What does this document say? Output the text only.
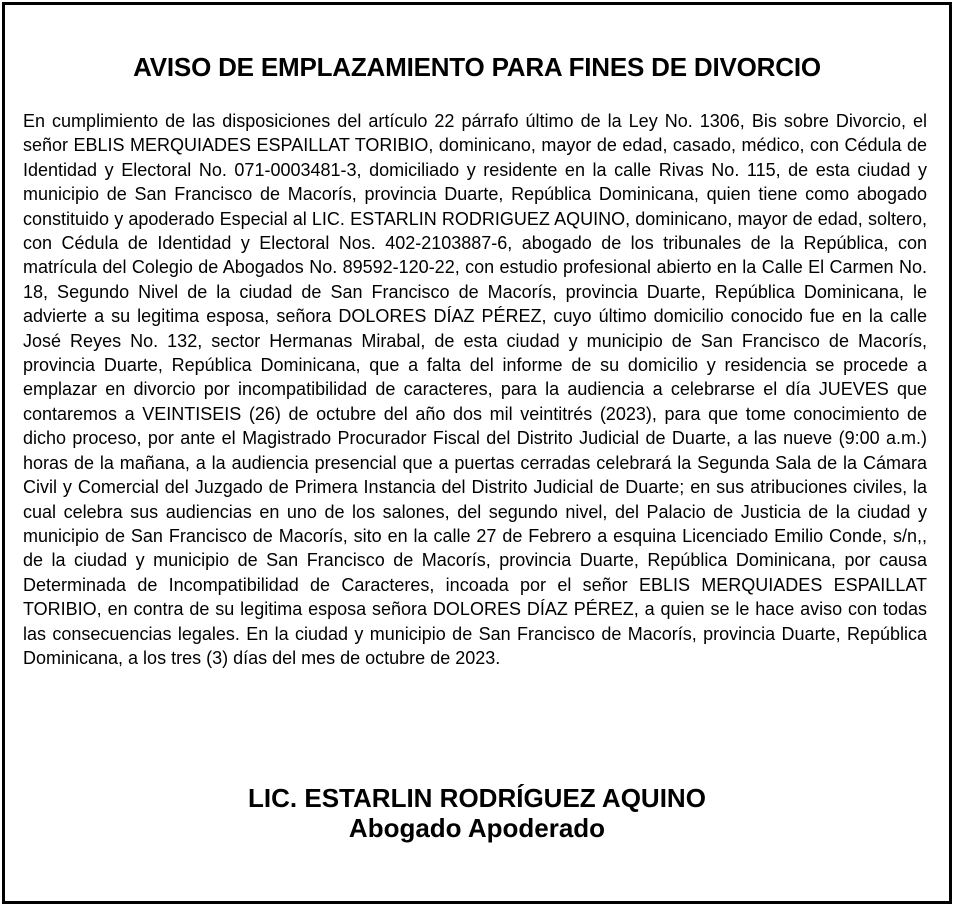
AVISO DE EMPLAZAMIENTO PARA FINES DE DIVORCIO

En cumplimiento de las disposiciones del artículo 22 párrafo último de la Ley No. 1306, Bis sobre Divorcio, el señor EBLIS MERQUIADES ESPAILLAT TORIBIO, dominicano, mayor de edad, casado, médico, con Cédula de Identidad y Electoral No. 071-0003481-3, domiciliado y residente en la calle Rivas No. 115, de esta ciudad y municipio de San Francisco de Macorís, provincia Duarte, República Dominicana, quien tiene como abogado constituido y apoderado Especial al LIC. ESTARLIN RODRIGUEZ AQUINO, dominicano, mayor de edad, soltero, con Cédula de Identidad y Electoral Nos. 402-2103887-6, abogado de los tribunales de la República, con matrícula del Colegio de Abogados No. 89592-120-22, con estudio profesional abierto en la Calle El Carmen No. 18, Segundo Nivel de la ciudad de San Francisco de Macorís, provincia Duarte, República Dominicana, le advierte a su legitima esposa, señora DOLORES DÍAZ PÉREZ, cuyo último domicilio conocido fue en la calle José Reyes No. 132, sector Hermanas Mirabal, de esta ciudad y municipio de San Francisco de Macorís, provincia Duarte, República Dominicana, que a falta del informe de su domicilio y residencia se procede a emplazar en divorcio por incompatibilidad de caracteres, para la audiencia a celebrarse el día JUEVES que contaremos a VEINTISEIS (26) de octubre del año dos mil veintitrés (2023), para que tome conocimiento de dicho proceso, por ante el Magistrado Procurador Fiscal del Distrito Judicial de Duarte, a las nueve (9:00 a.m.) horas de la mañana, a la audiencia presencial que a puertas cerradas celebrará la Segunda Sala de la Cámara Civil y Comercial del Juzgado de Primera Instancia del Distrito Judicial de Duarte; en sus atribuciones civiles, la cual celebra sus audiencias en uno de los salones, del segundo nivel, del Palacio de Justicia de la ciudad y municipio de San Francisco de Macorís, sito en la calle 27 de Febrero a esquina Licenciado Emilio Conde, s/n,, de la ciudad y municipio de San Francisco de Macorís, provincia Duarte, República Dominicana, por causa Determinada de Incompatibilidad de Caracteres, incoada por el señor EBLIS MERQUIADES ESPAILLAT TORIBIO, en contra de su legitima esposa señora DOLORES DÍAZ PÉREZ, a quien se le hace aviso con todas las consecuencias legales. En la ciudad y municipio de San Francisco de Macorís, provincia Duarte, República Dominicana, a los tres (3) días del mes de octubre de 2023.

LIC. ESTARLIN RODRÍGUEZ AQUINO
Abogado Apoderado
